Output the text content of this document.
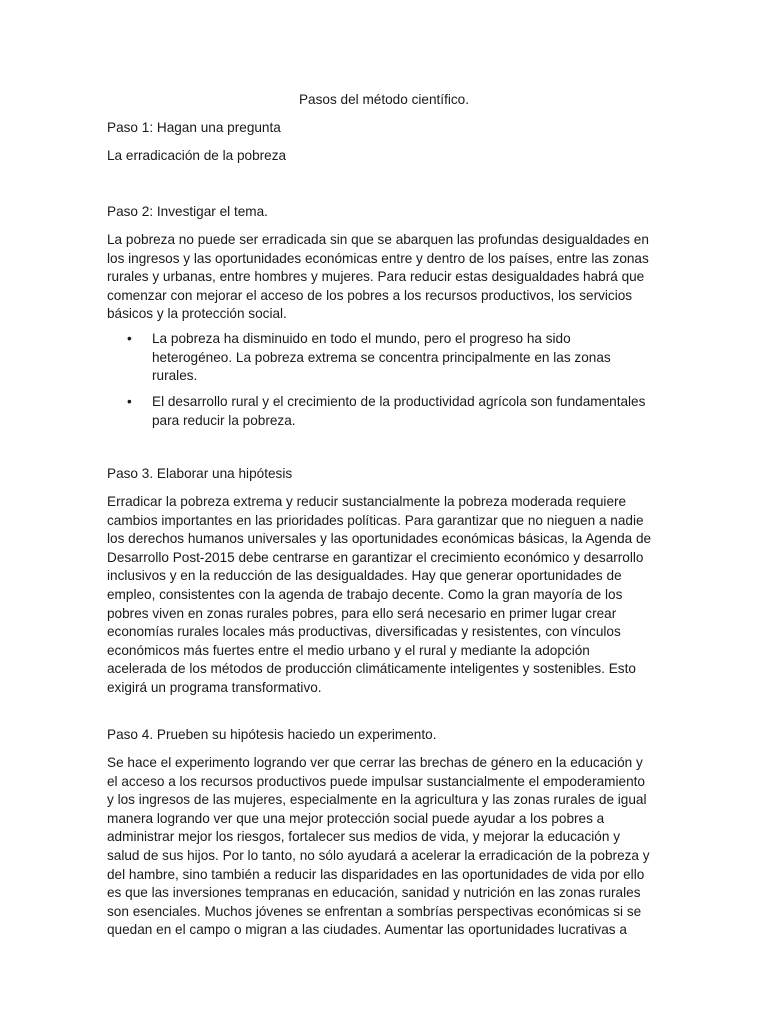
Pasos del método científico.
Paso 1: Hagan una pregunta
La erradicación de la pobreza
Paso 2: Investigar el tema.
La pobreza no puede ser erradicada sin que se abarquen las profundas desigualdades en
los ingresos y las oportunidades económicas entre y dentro de los países, entre las zonas
rurales y urbanas, entre hombres y mujeres. Para reducir estas desigualdades habrá que
comenzar con mejorar el acceso de los pobres a los recursos productivos, los servicios
básicos y la protección social.
•	La pobreza ha disminuido en todo el mundo, pero el progreso ha sido
heterogéneo. La pobreza extrema se concentra principalmente en las zonas
rurales.
•	El desarrollo rural y el crecimiento de la productividad agrícola son fundamentales
para reducir la pobreza.
Paso 3. Elaborar una hipótesis
Erradicar la pobreza extrema y reducir sustancialmente la pobreza moderada requiere
cambios importantes en las prioridades políticas. Para garantizar que no nieguen a nadie
los derechos humanos universales y las oportunidades económicas básicas, la Agenda de
Desarrollo Post-2015 debe centrarse en garantizar el crecimiento económico y desarrollo
inclusivos y en la reducción de las desigualdades. Hay que generar oportunidades de
empleo, consistentes con la agenda de trabajo decente. Como la gran mayoría de los
pobres viven en zonas rurales pobres, para ello será necesario en primer lugar crear
economías rurales locales más productivas, diversificadas y resistentes, con vínculos
económicos más fuertes entre el medio urbano y el rural y mediante la adopción
acelerada de los métodos de producción climáticamente inteligentes y sostenibles. Esto
exigirá un programa transformativo.
Paso 4. Prueben su hipótesis haciedo un experimento.
Se hace el experimento logrando ver que cerrar las brechas de género en la educación y
el acceso a los recursos productivos puede impulsar sustancialmente el empoderamiento
y los ingresos de las mujeres, especialmente en la agricultura y las zonas rurales de igual
manera logrando ver que una mejor protección social puede ayudar a los pobres a
administrar mejor los riesgos, fortalecer sus medios de vida, y mejorar la educación y
salud de sus hijos. Por lo tanto, no sólo ayudará a acelerar la erradicación de la pobreza y
del hambre, sino también a reducir las disparidades en las oportunidades de vida por ello
es que las inversiones tempranas en educación, sanidad y nutrición en las zonas rurales
son esenciales. Muchos jóvenes se enfrentan a sombrías perspectivas económicas si se
quedan en el campo o migran a las ciudades. Aumentar las oportunidades lucrativas a
